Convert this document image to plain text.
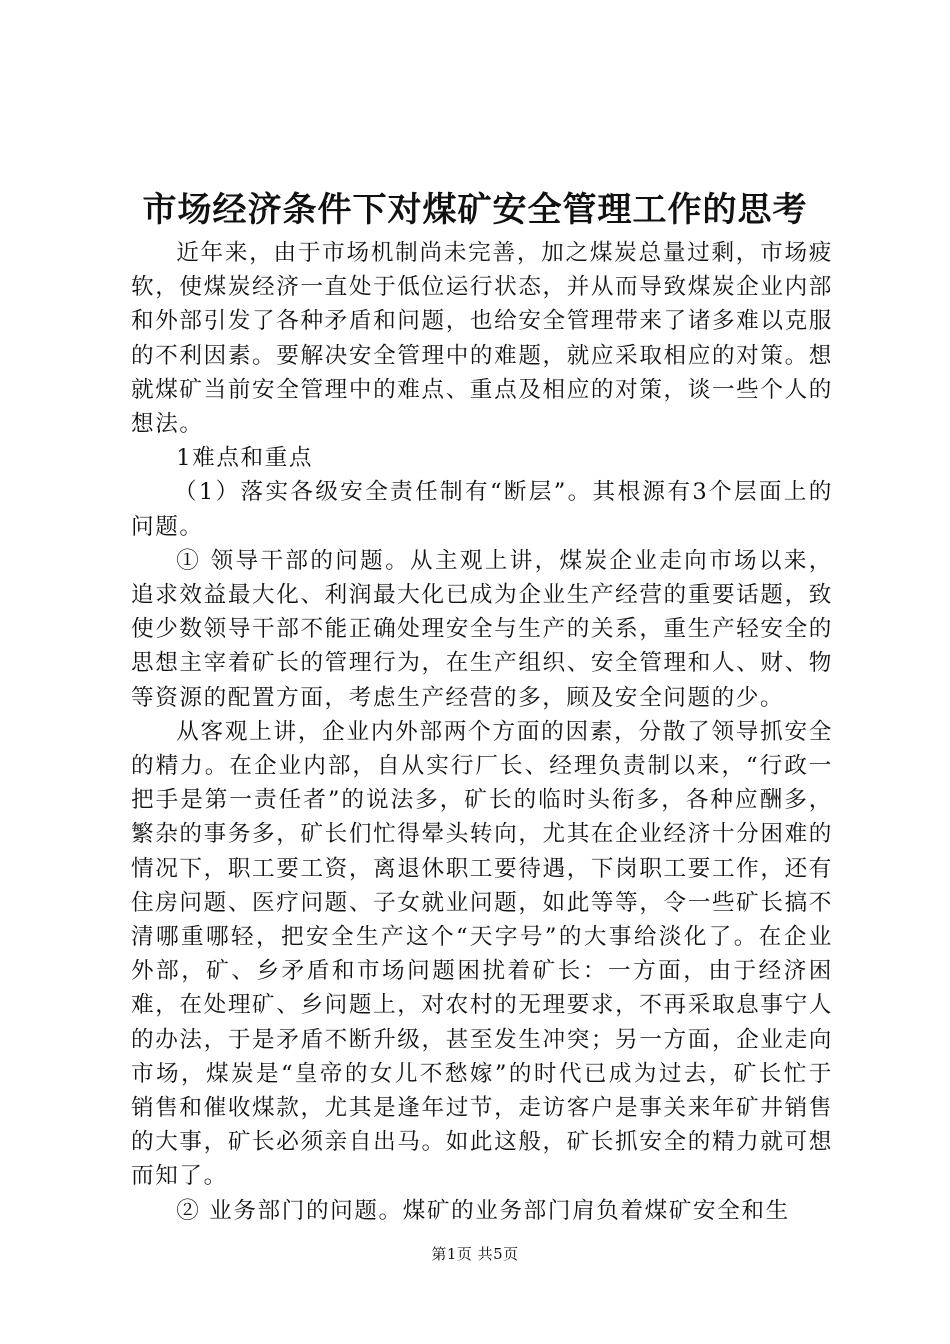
市场经济条件下对煤矿安全管理工作的思考

近年来，由于市场机制尚未完善，加之煤炭总量过剩，市场疲软，使煤炭经济一直处于低位运行状态，并从而导致煤炭企业内部和外部引发了各种矛盾和问题，也给安全管理带来了诸多难以克服的不利因素。要解决安全管理中的难题，就应采取相应的对策。想就煤矿当前安全管理中的难点、重点及相应的对策，谈一些个人的想法。

1难点和重点

（1）落实各级安全责任制有“断层”。其根源有3个层面上的问题。

① 领导干部的问题。从主观上讲，煤炭企业走向市场以来，追求效益最大化、利润最大化已成为企业生产经营的重要话题，致使少数领导干部不能正确处理安全与生产的关系，重生产轻安全的思想主宰着矿长的管理行为，在生产组织、安全管理和人、财、物等资源的配置方面，考虑生产经营的多，顾及安全问题的少。

从客观上讲，企业内外部两个方面的因素，分散了领导抓安全的精力。在企业内部，自从实行厂长、经理负责制以来，“行政一把手是第一责任者”的说法多，矿长的临时头衔多，各种应酬多，繁杂的事务多，矿长们忙得晕头转向，尤其在企业经济十分困难的情况下，职工要工资，离退休职工要待遇，下岗职工要工作，还有住房问题、医疗问题、子女就业问题，如此等等，令一些矿长搞不清哪重哪轻，把安全生产这个“天字号”的大事给淡化了。在企业外部，矿、乡矛盾和市场问题困扰着矿长：一方面，由于经济困难，在处理矿、乡问题上，对农村的无理要求，不再采取息事宁人的办法，于是矛盾不断升级，甚至发生冲突；另一方面，企业走向市场，煤炭是“皇帝的女儿不愁嫁”的时代已成为过去，矿长忙于销售和催收煤款，尤其是逢年过节，走访客户是事关来年矿井销售的大事，矿长必须亲自出马。如此这般，矿长抓安全的精力就可想而知了。

② 业务部门的问题。煤矿的业务部门肩负着煤矿安全和生

第1页 共5页
